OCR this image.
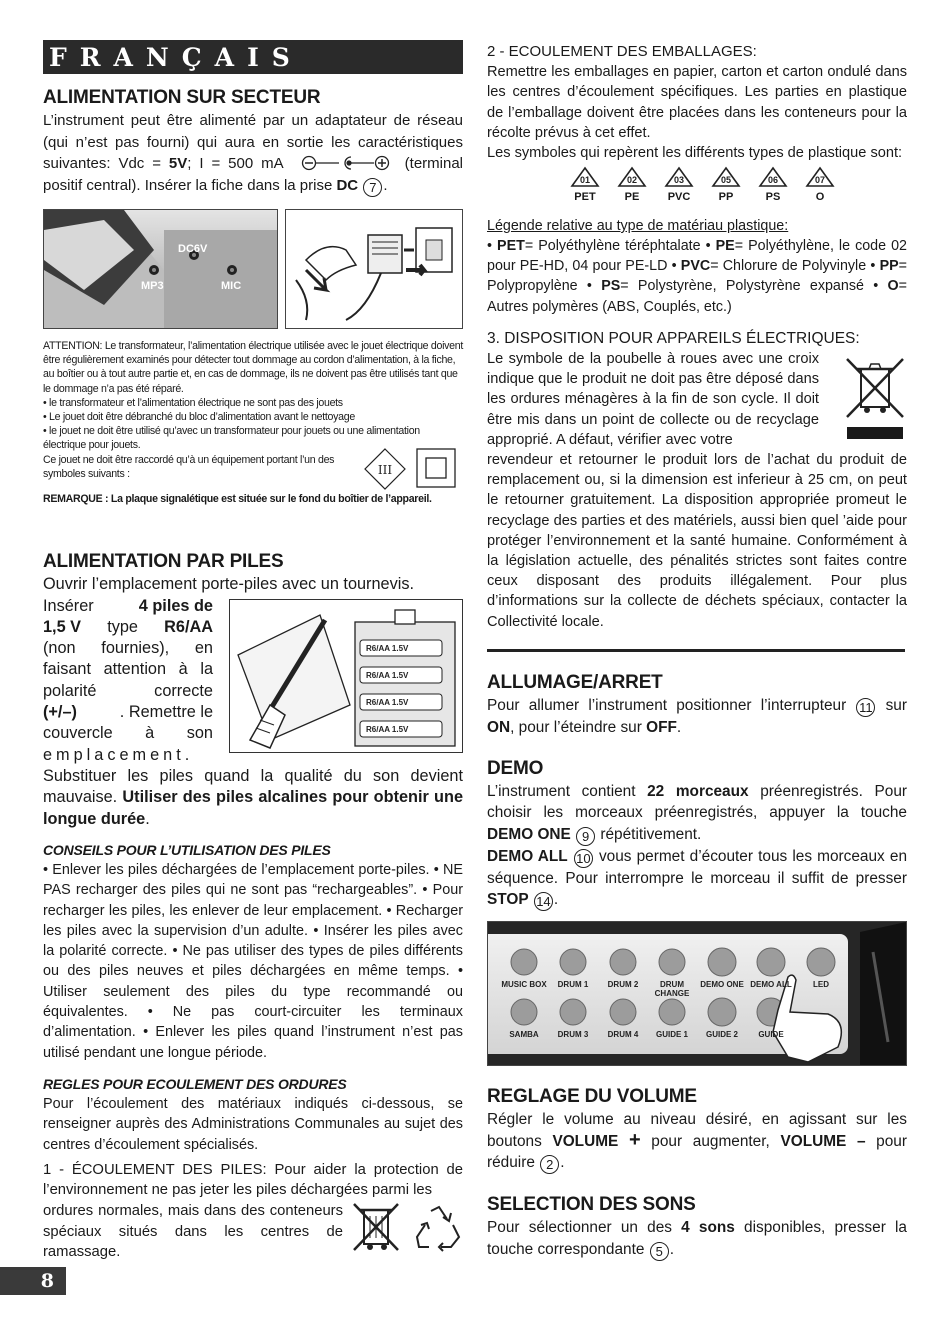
FRANÇAIS
ALIMENTATION SUR SECTEUR

L’instrument peut être alimenté par un adaptateur de réseau (qui n’est pas fourni) qui aura en sortie les caractéristiques suivantes: Vdc = 5V; I = 500 mA	(terminal positif central). Insérer la fiche dans la prise DC 7 .

DC6V
MP3	MIC

ATTENTION: Le transformateur, l’alimentation électrique utilisée avec le jouet électrique doivent être régulièrement examinés pour détecter tout dommage au cordon d’alimentation, à la fiche, au boîtier ou à tout autre partie et, en cas de dommage, ils ne doivent pas être utilisés tant que le dommage n’a pas été réparé.

• le transformateur et l’alimentation électrique ne sont pas des jouets

• Le jouet doit être débranché du bloc d’alimentation avant le nettoyage

• le jouet ne doit être utilisé qu’avec un transformateur pour jouets ou une alimentation électrique pour jouets.

Ce jouet ne doit être raccordé qu’à un équipement portant l’un des symboles suivants :	III

REMARQUE : La plaque signalétique est située sur le fond du boîtier de l’appareil.

ALIMENTATION PAR PILES

Ouvrir l’emplacement porte-piles avec un tournevis.

Insérer	4 piles de
1,5 V type R6/AA
(non fournies), en
faisant attention à la
polarité correcte
(+/–)	. Remettre le
couvercle à son
emplacement.

Substituer les piles quand la qualité du son devient mauvaise. Utiliser des piles alcalines pour obtenir une longue durée.

R6/AA 1.5V
R6/AA 1.5V
R6/AA 1.5V
R6/AA 1.5V
CONSEILS POUR L’UTILISATION DES PILES

• Enlever les piles déchargées de l’emplacement porte-piles. • NE PAS recharger des piles qui ne sont pas “rechargeables”. • Pour recharger les piles, les enlever de leur emplacement. • Recharger les piles avec la supervision d’un adulte. • Insérer les piles avec la polarité correcte. • Ne pas utiliser des types de piles différents ou des piles neuves et piles déchargées en même temps. • Utiliser seulement des piles du type recommandé ou équivalentes. • Ne pas court-circuiter les terminaux d’alimentation. • Enlever les piles quand l’instrument n’est pas utilisé pendant une longue période.

REGLES POUR ECOULEMENT DES ORDURES

Pour l’écoulement des matériaux indiqués ci-dessous, se renseigner auprès des Administrations Communales au sujet des centres d’écoulement spécialisés.

1 - ÉCOULEMENT DES PILES: Pour aider la protection de l’environnement ne pas jeter les piles déchargées parmi les

ordures normales, mais dans des conteneurs spéciaux situés dans les centres de ramassage.

8
2 - ECOULEMENT DES EMBALLAGES:

Remettre les emballages en papier, carton et carton ondulé dans les centres d’écoulement spécifiques. Les parties en plastique de l’emballage doivent être placées dans les conteneurs pour la récolte prévus à cet effet.

Les symboles qui repèrent les différents types de plastique sont:

01
PET
02
PE
03
PVC
05
PP
06
PS
07
O
Légende relative au type de matériau plastique:

• PET= Polyéthylène téréphtalate • PE= Polyéthylène, le code 02 pour PE-HD, 04 pour PE-LD • PVC= Chlorure de Polyvinyle • PP= Polypropylène • PS= Polystyrène, Polystyrène expansé • O= Autres polymères (ABS, Couplés, etc.)

3. DISPOSITION POUR APPAREILS ÉLECTRIQUES:

Le symbole de la poubelle à roues avec une croix indique que le produit ne doit pas être déposé dans les ordures ménagères à la fin de son cycle. Il doit être mis dans un point de collecte ou de recyclage approprié. A défaut, vérifier avec votre

revendeur et retourner le produit lors de l’achat du produit de remplacement ou, si la dimension est inferieur à 25 cm, on peut le retourner gratuitement. La disposition appropriée promeut le recyclage des parties et des matériels, aussi bien quel ’aide pour protéger l’environnement et la santé humaine. Conformément à la législation actuelle, des pénalités strictes sont faites contre ceux disposant des produits illégalement. Pour plus d’informations sur la collecte de déchets spéciaux, contacter la Collectivité locale.

ALLUMAGE/ARRET

Pour allumer l’instrument positionner l’interrupteur 11 sur ON, pour l’éteindre sur OFF.

DEMO

L’instrument contient 22 morceaux préenregistrés. Pour choisir les morceaux préenregistrés, appuyer la touche DEMO ONE 9 répétitivement.
DEMO ALL 10 vous permet d’écouter tous les morceaux en séquence. Pour interrompre le morceau il suffit de presser STOP 14 .

MUSIC BOX	DRUM 1	DRUM 2	DRUM CHANGE
DEMO ONE DEMO ALL	LED
SAMBA	DRUM 3	DRUM 4	GUIDE 1	GUIDE 2	GUIDE
REGLAGE DU VOLUME

Régler le volume au niveau désiré, en agissant sur les boutons VOLUME + pour augmenter, VOLUME – pour réduire 2 .

SELECTION DES SONS

Pour sélectionner un des 4 sons disponibles, presser la touche correspondante 5 .
